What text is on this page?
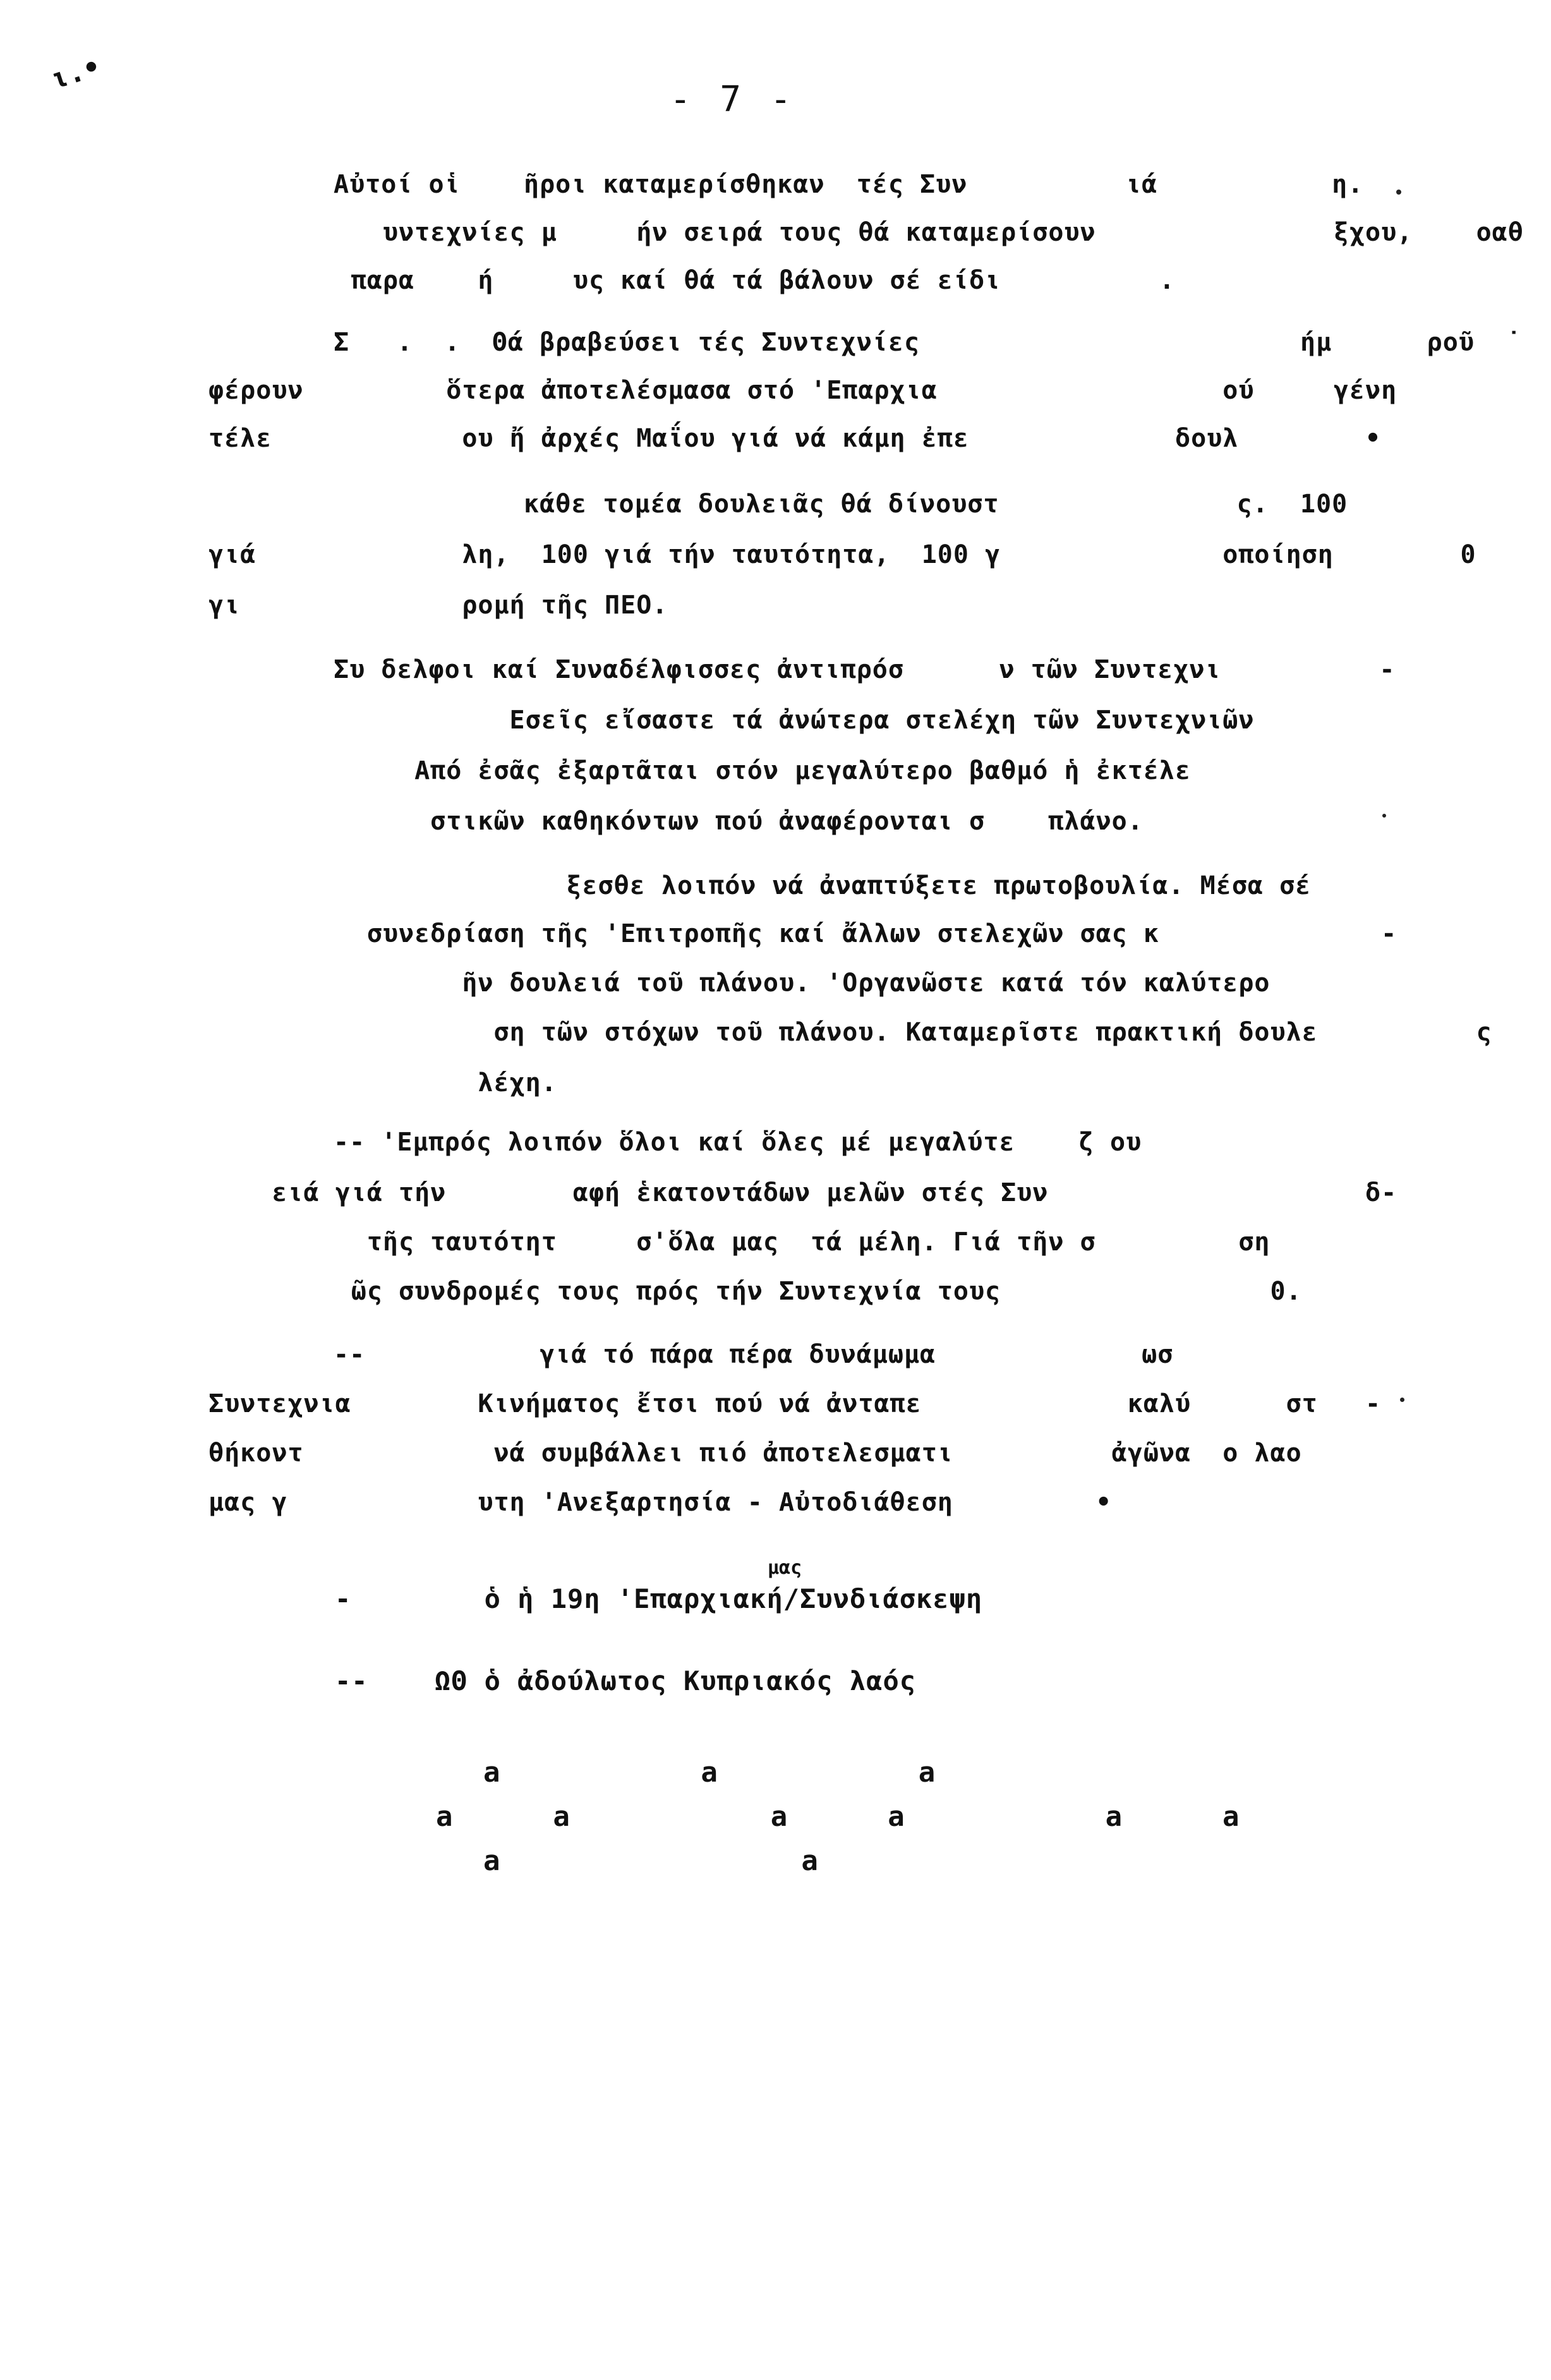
ι.•
- 7 -
Αὐτοί οἱ    ῆροι καταμερίσθηκαν  τές Συν          ιά           η.
υντεχνίες μ     ήν σειρά τους θά καταμερίσουν               ξχου,    οαθ
παρα    ή     υς καί θά τά βάλουν σέ είδι          .
Σ   .  .  Θά βραβεύσει τές Συντεχνίες                        ήμ      ροῦ  ˙
φέρουν         ὅτερα ἀποτελέσμασα στό 'Επαρχια                  ού     γένη
τέλε            ου ἤ ἀρχές Μαΐου γιά νά κάμη ἐπε             δουλ        •
κάθε τομέα δουλειᾶς θά δίνουστ               ς.  100
γιά             λη,  100 γιά τήν ταυτότητα,  100 γ              οποίηση        0
γι              ρομή τῆς ΠΕΟ.
Συ δελφοι καί Συναδέλφισσες ἀντιπρόσ      ν τῶν Συντεχνι          -
Εσεῖς εἴσαστε τά ἀνώτερα στελέχη τῶν Συντεχνιῶν
Από ἐσᾶς ἐξαρτᾶται στόν μεγαλύτερο βαθμό ἡ ἐκτέλε
στικῶν καθηκόντων πού ἀναφέρονται σ    πλάνο.
ξεσθε λοιπόν νά ἀναπτύξετε πρωτοβουλία. Μέσα σέ
συνεδρίαση τῆς 'Επιτροπῆς καί ἄλλων στελεχῶν σας κ              -
ῆν δουλειά τοῦ πλάνου. 'Οργανῶστε κατά τόν καλύτερο
ση τῶν στόχων τοῦ πλάνου. Καταμερῖστε πρακτική δουλε          ς
λέχη.
-- 'Εμπρός λοιπόν ὅλοι καί ὅλες μέ μεγαλύτε    ζ ου
ειά γιά τήν        αφή ἑκατοντάδων μελῶν στές Συν                    δ-
τῆς ταυτότητ     σ'ὅλα μας  τά μέλη. Γιά τῆν σ         ση
ῶς συνδρομές τους πρός τήν Συντεχνία τους                 0.
--           γιά τό πάρα πέρα δυνάμωμα             ωσ
Συντεχνια        Κινήματος ἔτσι πού νά ἀνταπε             καλύ      στ   -
θήκοντ            νά συμβάλλει πιό ἀποτελεσματι          ἀγῶνα  ο λαο
μας γ            υτη 'Ανεξαρτησία - Αὐτοδιάθεση         •
μας
-        ὁ ἡ 19η 'Επαρχιακή/Συνδιάσκεψη
--    ΩΘ ὁ ἀδούλωτος Κυπριακός λαός
a            a            a
a      a            a      a            a      a
a                  a
